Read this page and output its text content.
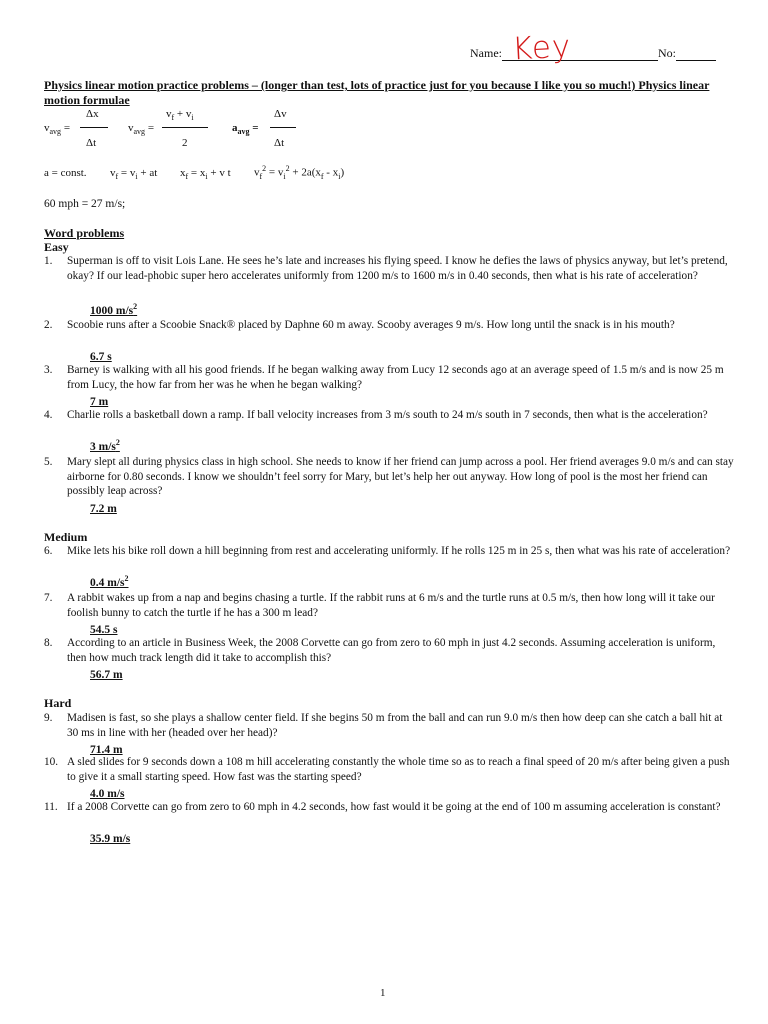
Name:	No:
Key
Physics linear motion practice problems – (longer than test, lots of practice just for you because I like you so much!) Physics linear motion formulae
$v_{avg}$ =
Δx
Δt
$v_{avg}$ =
$v_f + v_i$
2
$a_{avg}$ =
Δv
Δt
a = const. $v_f = v_i$ + at $x_f = x_i + v$ t $v_f^2 = v_i^2 + 2a(x_f - x_i)$
60 mph = 27 m/s;
Word problems
Easy
Medium
Hard
1. Superman is off to visit Lois Lane. He sees he’s late and increases his flying speed. I know he defies the laws of physics anyway, but let’s pretend, okay? If our lead-phobic super hero accelerates uniformly from 1200 m/s to 1600 m/s in 0.40 seconds, then what is his rate of acceleration?
1000 $m/s^2$
2. Scoobie runs after a Scoobie Snack® placed by Daphne 60 m away. Scooby averages 9 m/s. How long until the snack is in his mouth?
6.7 s
3. Barney is walking with all his good friends. If he began walking away from Lucy 12 seconds ago at an average speed of 1.5 m/s and is now 25 m from Lucy, the how far from her was he when he began walking?
7 m
4. Charlie rolls a basketball down a ramp. If ball velocity increases from 3 m/s south to 24 m/s south in 7 seconds, then what is the acceleration?
3 $m/s^2$
5. Mary slept all during physics class in high school. She needs to know if her friend can jump across a pool. Her friend averages 9.0 m/s and can stay airborne for 0.80 seconds. I know we shouldn’t feel sorry for Mary, but let’s help her out anyway. How long of pool is the most her friend can possibly leap across?
7.2 m
6. Mike lets his bike roll down a hill beginning from rest and accelerating uniformly. If he rolls 125 m in 25 s, then what was his rate of acceleration?
0.4 $m/s^2$
7. A rabbit wakes up from a nap and begins chasing a turtle. If the rabbit runs at 6 m/s and the turtle runs at 0.5 m/s, then how long will it take our foolish bunny to catch the turtle if he has a 300 m lead?
54.5 s
8. According to an article in Business Week, the 2008 Corvette can go from zero to 60 mph in just 4.2 seconds. Assuming acceleration is uniform, then how much track length did it take to accomplish this?
56.7 m
9. Madisen is fast, so she plays a shallow center field. If she begins 50 m from the ball and can run 9.0 m/s then how deep can she catch a ball hit at 30 ms in line with her (headed over her head)?
71.4 m
10. A sled slides for 9 seconds down a 108 m hill accelerating constantly the whole time so as to reach a final speed of 20 m/s after being given a push to give it a small starting speed. How fast was the starting speed?
4.0 m/s
11. If a 2008 Corvette can go from zero to 60 mph in 4.2 seconds, how fast would it be going at the end of 100 m assuming acceleration is constant?
35.9 m/s
1
